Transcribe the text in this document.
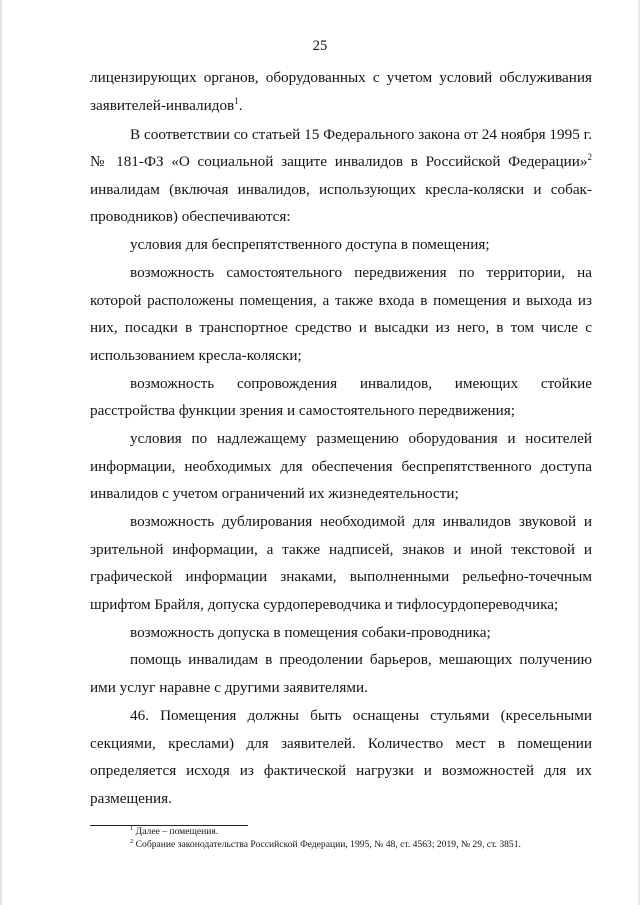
25
лицензирующих органов, оборудованных с учетом условий обслуживания
заявителей-инвалидов$^1$.
В соответствии со статьей 15 Федерального закона от 24 ноября 1995 г.
№ 181-ФЗ «О социальной защите инвалидов в Российской Федерации»$^2$
инвалидам (включая инвалидов, использующих кресла-коляски и собак-
проводников) обеспечиваются:
условия для беспрепятственного доступа в помещения;
возможность самостоятельного передвижения по территории, на
которой расположены помещения, а также входа в помещения и выхода из
них, посадки в транспортное средство и высадки из него, в том числе с
использованием кресла-коляски;
возможность сопровождения инвалидов, имеющих стойкие
расстройства функции зрения и самостоятельного передвижения;
условия по надлежащему размещению оборудования и носителей
информации, необходимых для обеспечения беспрепятственного доступа
инвалидов с учетом ограничений их жизнедеятельности;
возможность дублирования необходимой для инвалидов звуковой и
зрительной информации, а также надписей, знаков и иной текстовой и
графической информации знаками, выполненными рельефно-точечным
шрифтом Брайля, допуска сурдопереводчика и тифлосурдопереводчика;
возможность допуска в помещения собаки-проводника;
помощь инвалидам в преодолении барьеров, мешающих получению
ими услуг наравне с другими заявителями.
46. Помещения должны быть оснащены стульями (кресельными
секциями, креслами) для заявителей. Количество мест в помещении
определяется исходя из фактической нагрузки и возможностей для их
размещения.
$^1$ Далее – помещения.
$^2$ Собрание законодательства Российской Федерации, 1995, № 48, ст. 4563; 2019, № 29, ст. 3851.
